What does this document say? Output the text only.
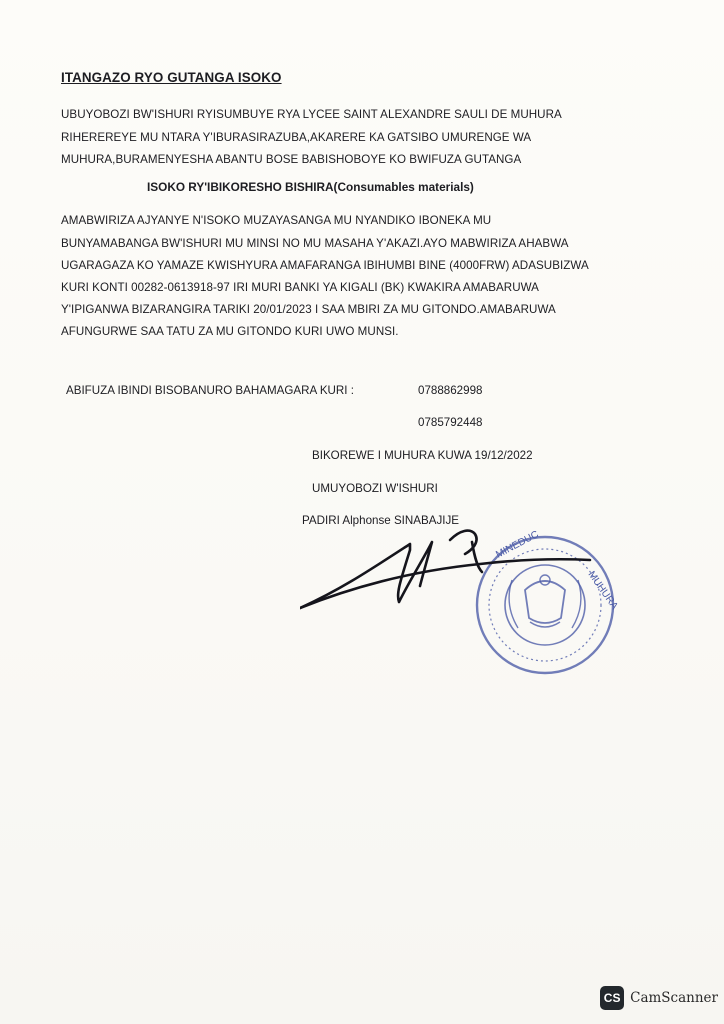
ITANGAZO RYO GUTANGA ISOKO
UBUYOBOZI BW'ISHURI RYISUMBUYE RYA LYCEE SAINT ALEXANDRE SAULI DE MUHURA
RIHEREREYE MU NTARA Y'IBURASIRAZUBA,AKARERE KA GATSIBO UMURENGE WA
MUHURA,BURAMENYESHA ABANTU BOSE BABISHOBOYE KO BWIFUZA GUTANGA
ISOKO RY'IBIKORESHO BISHIRA(Consumables materials)
AMABWIRIZA AJYANYE N'ISOKO MUZAYASANGA MU NYANDIKO IBONEKA MU
BUNYAMABANGA BW'ISHURI MU MINSI NO MU MASAHA Y'AKAZI.AYO MABWIRIZA AHABWA
UGARAGAZA KO YAMAZE KWISHYURA AMAFARANGA IBIHUMBI BINE (4000FRW) ADASUBIZWA
KURI KONTI 00282-0613918-97 IRI MURI BANKI YA KIGALI (BK) KWAKIRA AMABARUWA
Y'IPIGANWA BIZARANGIRA TARIKI 20/01/2023 I SAA MBIRI ZA MU GITONDO.AMABARUWA
AFUNGURWE SAA TATU ZA MU GITONDO KURI UWO MUNSI.
ABIFUZA IBINDI BISOBANURO BAHAMAGARA KURI :	0788862998
0785792448
BIKOREWE I MUHURA KUWA 19/12/2022
UMUYOBOZI W'ISHURI
PADIRI Alphonse SINABAJIJE
MINEDUC
MUHURA
CS CamScanner
